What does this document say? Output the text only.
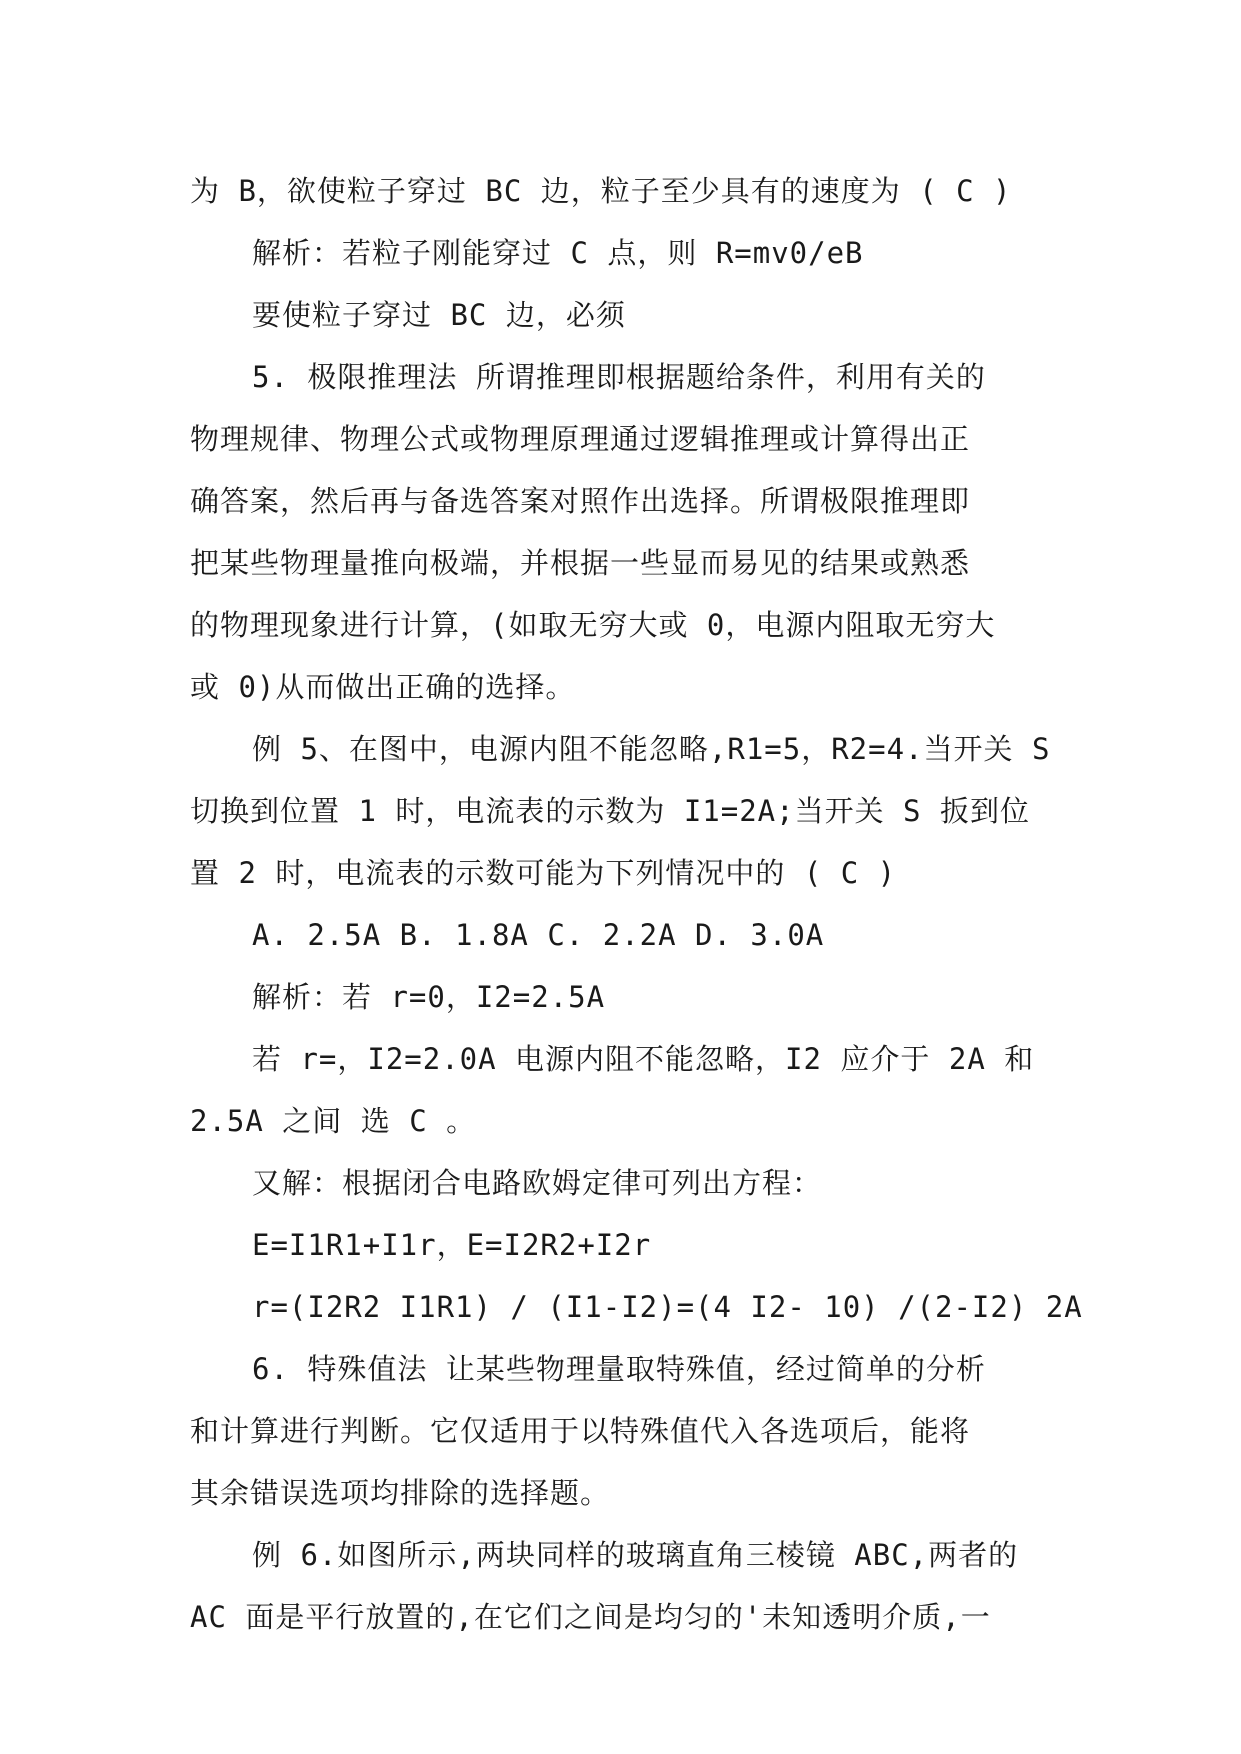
为 B，欲使粒子穿过 BC 边，粒子至少具有的速度为 ( C )
解析：若粒子刚能穿过 C 点，则 R=mv0/eB
要使粒子穿过 BC 边，必须
5. 极限推理法 所谓推理即根据题给条件，利用有关的
物理规律、物理公式或物理原理通过逻辑推理或计算得出正
确答案，然后再与备选答案对照作出选择。所谓极限推理即
把某些物理量推向极端，并根据一些显而易见的结果或熟悉
的物理现象进行计算，(如取无穷大或 0，电源内阻取无穷大
或 0)从而做出正确的选择。
例 5、在图中，电源内阻不能忽略,R1=5，R2=4.当开关 S
切换到位置 1 时，电流表的示数为 I1=2A;当开关 S 扳到位
置 2 时，电流表的示数可能为下列情况中的 ( C )
A. 2.5A B. 1.8A C. 2.2A D. 3.0A
解析：若 r=0，I2=2.5A
若 r=，I2=2.0A 电源内阻不能忽略，I2 应介于 2A 和
2.5A 之间 选 C 。
又解：根据闭合电路欧姆定律可列出方程：
E=I1R1+I1r，E=I2R2+I2r
r=(I2R2 I1R1) / (I1-I2)=(4 I2- 10) /(2-I2) 2A
6. 特殊值法 让某些物理量取特殊值，经过简单的分析
和计算进行判断。它仅适用于以特殊值代入各选项后，能将
其余错误选项均排除的选择题。
例 6.如图所示,两块同样的玻璃直角三棱镜 ABC,两者的
AC 面是平行放置的,在它们之间是均匀的'未知透明介质,一
